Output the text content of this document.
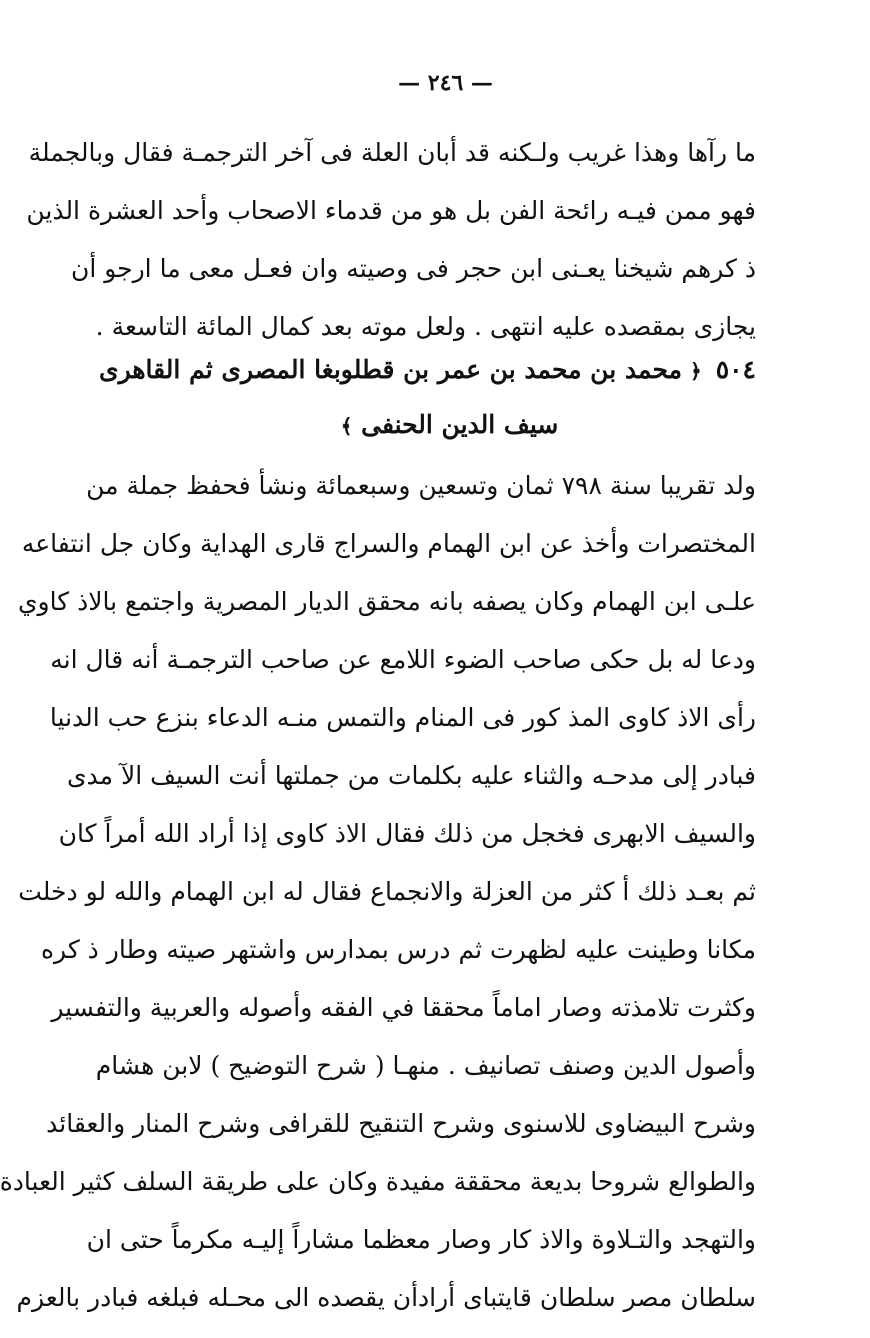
— ٢٤٦ —
ما رآها وهذا غريب ولـكنه قد أبان العلة فى آخر الترجمـة فقال وبالجملة
فهو ممن فيـه رائحة الفن بل هو من قدماء الاصحاب وأحد العشرة الذين
ذ كرهم شيخنا يعـنى ابن حجر فى وصيته وان فعـل معى ما ارجو أن
يجازى بمقصده عليه انتهى . ولعل موته بعد كمال المائة التاسعة .
٥٠٤﴿محمد بن محمد بن عمر بن قطلوبغا المصرى ثم القاهرى
سيف الدين الحنفى ﴾
ولد تقريبا سنة ٧٩٨ ثمان وتسعين وسبعمائة ونشأ فحفظ جملة من
المختصرات وأخذ عن ابن الهمام والسراج قارى الهداية وكان جل انتفاعه
علـى ابن الهمام وكان يصفه بانه محقق الديار المصرية واجتمع بالاذ كاوي
ودعا له بل حكى صاحب الضوء اللامع عن صاحب الترجمـة أنه قال انه
رأى الاذ كاوى المذ كور فى المنام والتمس منـه الدعاء بنزع حب الدنيا
فبادر إلى مدحـه والثناء عليه بكلمات من جملتها أنت السيف الآ مدى
والسيف الابهرى فخجل من ذلك فقال الاذ كاوى إذا أراد الله أمراً كان
ثم بعـد ذلك أ كثر من العزلة والانجماع فقال له ابن الهمام والله لو دخلت
مكانا وطينت عليه لظهرت ثم درس بمدارس واشتهر صيته وطار ذ كره
وكثرت تلامذته وصار اماماً محققا في الفقه وأصوله والعربية والتفسير
وأصول الدين وصنف تصانيف . منهـا ( شرح التوضيح ) لابن هشام
وشرح البيضاوى للاسنوى وشرح التنقيح للقرافى وشرح المنار والعقائد
والطوالع شروحا بديعة محققة مفيدة وكان على طريقة السلف كثير العبادة
والتهجد والتـلاوة والاذ كار وصار معظما مشاراً إليـه مكرماً حتى ان
سلطان مصر سلطان قايتباى أرادأن يقصده الى محـله فبلغه فبادر بالعزم
